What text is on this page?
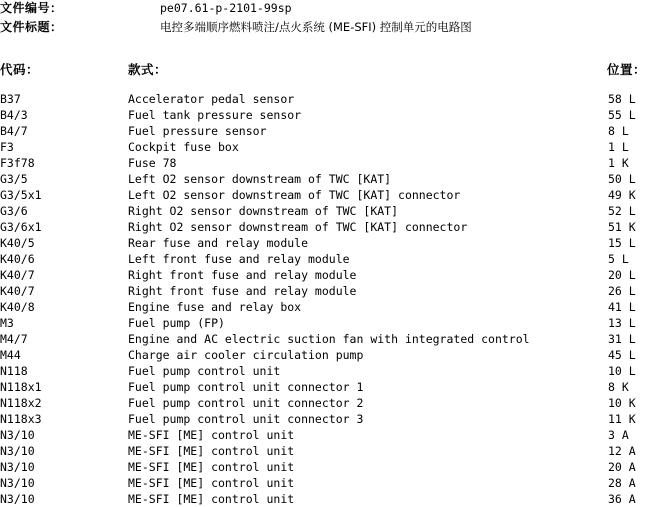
文件编号：	pe07.61-p-2101-99sp
文件标题：	电控多端顺序燃料喷注/点火系统 (ME-SFI) 控制单元的电路图
代码：	款式：	位置：
B37	Accelerator pedal sensor	58 L
B4/3	Fuel tank pressure sensor	55 L
B4/7	Fuel pressure sensor	8 L
F3	Cockpit fuse box	1 L
F3f78	Fuse 78	1 K
G3/5	Left O2 sensor downstream of TWC [KAT]	50 L
G3/5x1	Left O2 sensor downstream of TWC [KAT] connector	49 K
G3/6	Right O2 sensor downstream of TWC [KAT]	52 L
G3/6x1	Right O2 sensor downstream of TWC [KAT] connector	51 K
K40/5	Rear fuse and relay module	15 L
K40/6	Left front fuse and relay module	5 L
K40/7	Right front fuse and relay module	20 L
K40/7	Right front fuse and relay module	26 L
K40/8	Engine fuse and relay box	41 L
M3	Fuel pump (FP)	13 L
M4/7	Engine and AC electric suction fan with integrated control	31 L
M44	Charge air cooler circulation pump	45 L
N118	Fuel pump control unit	10 L
N118x1	Fuel pump control unit connector 1	8 K
N118x2	Fuel pump control unit connector 2	10 K
N118x3	Fuel pump control unit connector 3	11 K
N3/10	ME-SFI [ME] control unit	3 A
N3/10	ME-SFI [ME] control unit	12 A
N3/10	ME-SFI [ME] control unit	20 A
N3/10	ME-SFI [ME] control unit	28 A
N3/10	ME-SFI [ME] control unit	36 A
